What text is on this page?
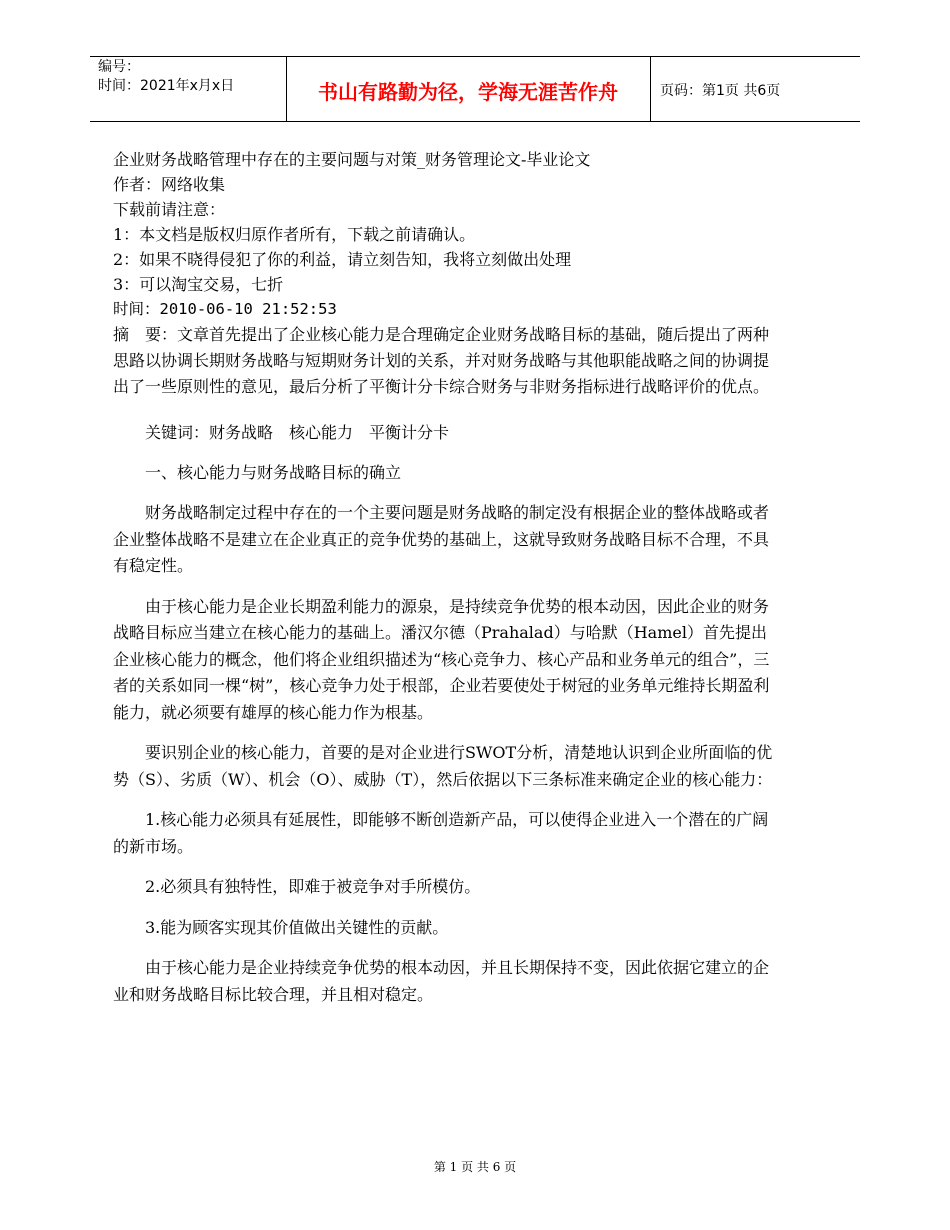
编号：
时间：2021年x月x日	书山有路勤为径，学海无涯苦作舟	页码：第1页 共6页
企业财务战略管理中存在的主要问题与对策_财务管理论文-毕业论文
作者：网络收集
下载前请注意：
1：本文档是版权归原作者所有，下载之前请确认。
2：如果不晓得侵犯了你的利益，请立刻告知，我将立刻做出处理
3：可以淘宝交易，七折
时间：2010-06-10 21:52:53

摘　要：文章首先提出了企业核心能力是合理确定企业财务战略目标的基础，随后提出了两种思路以协调长期财务战略与短期财务计划的关系，并对财务战略与其他职能战略之间的协调提出了一些原则性的意见，最后分析了平衡计分卡综合财务与非财务指标进行战略评价的优点。

关键词：财务战略　核心能力　平衡计分卡

一、核心能力与财务战略目标的确立

财务战略制定过程中存在的一个主要问题是财务战略的制定没有根据企业的整体战略或者企业整体战略不是建立在企业真正的竞争优势的基础上，这就导致财务战略目标不合理，不具有稳定性。

由于核心能力是企业长期盈利能力的源泉，是持续竞争优势的根本动因，因此企业的财务战略目标应当建立在核心能力的基础上。潘汉尔德（Prahalad）与哈默（Hamel）首先提出企业核心能力的概念，他们将企业组织描述为“核心竞争力、核心产品和业务单元的组合”，三者的关系如同一棵“树”，核心竞争力处于根部，企业若要使处于树冠的业务单元维持长期盈利能力，就必须要有雄厚的核心能力作为根基。

要识别企业的核心能力，首要的是对企业进行SWOT分析，清楚地认识到企业所面临的优势（S）、劣质（W）、机会（O）、威胁（T），然后依据以下三条标准来确定企业的核心能力：

1.核心能力必须具有延展性，即能够不断创造新产品，可以使得企业进入一个潜在的广阔的新市场。

2.必须具有独特性，即难于被竞争对手所模仿。

3.能为顾客实现其价值做出关键性的贡献。

由于核心能力是企业持续竞争优势的根本动因，并且长期保持不变，因此依据它建立的企业和财务战略目标比较合理，并且相对稳定。

第 1 页 共 6 页
